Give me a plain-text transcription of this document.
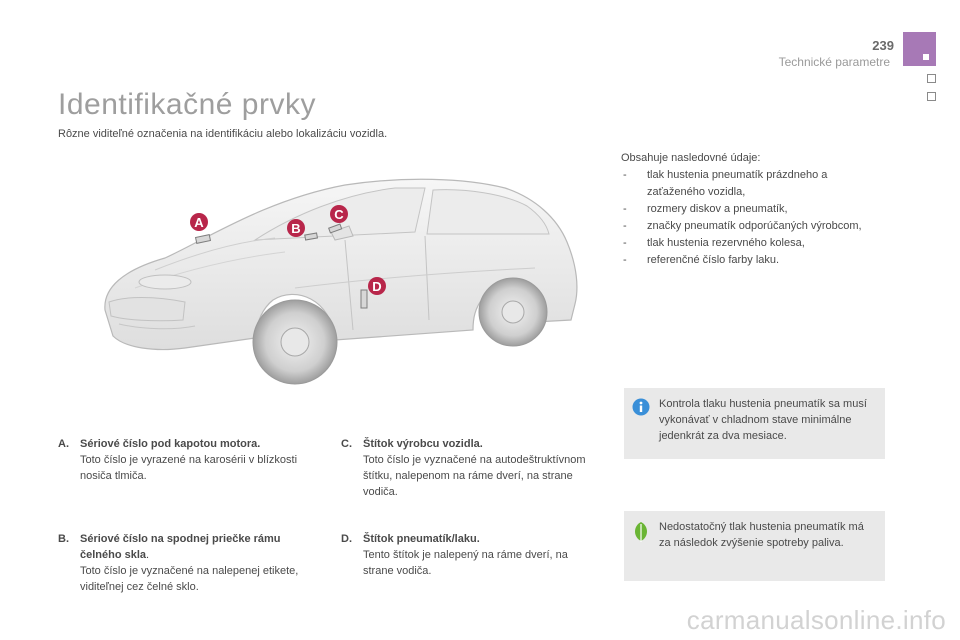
239
Technické parametre
Identifikačné prvky
Rôzne viditeľné označenia na identifikáciu alebo lokalizáciu vozidla.
A	B
C
D
Obsahuje nasledovné údaje:
- tlak hustenia pneumatík prázdneho a zaťaženého vozidla,
- rozmery diskov a pneumatík,
- značky pneumatík odporúčaných výrobcom,
- tlak hustenia rezervného kolesa,
- referenčné číslo farby laku.
Kontrola tlaku hustenia pneumatík sa musí vykonávať v chladnom stave minimálne jedenkrát za dva mesiace.
Nedostatočný tlak hustenia pneumatík má za následok zvýšenie spotreby paliva.
A. Sériové číslo pod kapotou motora.
Toto číslo je vyrazené na karosérii v blízkosti nosiča tlmiča.
B. Sériové číslo na spodnej priečke rámu čelného skla.
Toto číslo je vyznačené na nalepenej etikete, viditeľnej cez čelné sklo.
C. Štítok výrobcu vozidla.
Toto číslo je vyznačené na autodeštruktívnom štítku, nalepenom na ráme dverí, na strane vodiča.
D. Štítok pneumatík/laku.
Tento štítok je nalepený na ráme dverí, na strane vodiča.
carmanualsonline.info
